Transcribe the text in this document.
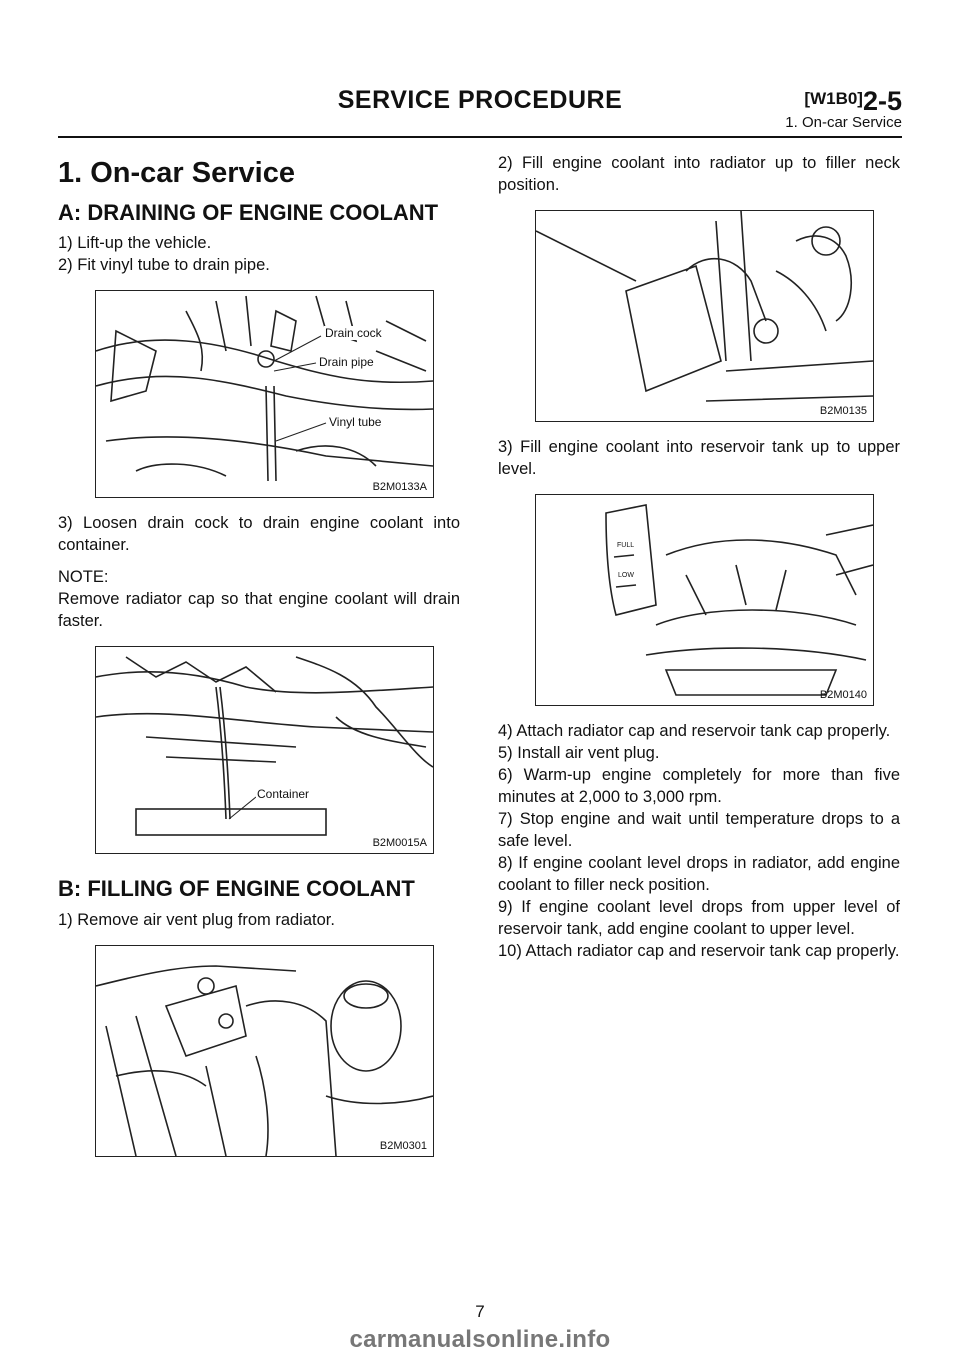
SERVICE PROCEDURE	[W1B0]2-5
1. On-car Service
1. On-car Service
A: DRAINING OF ENGINE COOLANT

1) Lift-up the vehicle.

2) Fit vinyl tube to drain pipe.

Drain cock
Drain pipe
Vinyl tube
B2M0133A

3) Loosen drain cock to drain engine coolant into container.

NOTE:

Remove radiator cap so that engine coolant will drain faster.

Container
B2M0015A
B: FILLING OF ENGINE COOLANT

1) Remove air vent plug from radiator.

B2M0301

2) Fill engine coolant into radiator up to filler neck position.

B2M0135

3) Fill engine coolant into reservoir tank up to upper level.

FULL
LOW
B2M0140

4) Attach radiator cap and reservoir tank cap properly.

5) Install air vent plug.

6) Warm-up engine completely for more than five minutes at 2,000 to 3,000 rpm.

7) Stop engine and wait until temperature drops to a safe level.

8) If engine coolant level drops in radiator, add engine coolant to filler neck position.

9) If engine coolant level drops from upper level of reservoir tank, add engine coolant to upper level.

10) Attach radiator cap and reservoir tank cap properly.

7
carmanualsonline.info
